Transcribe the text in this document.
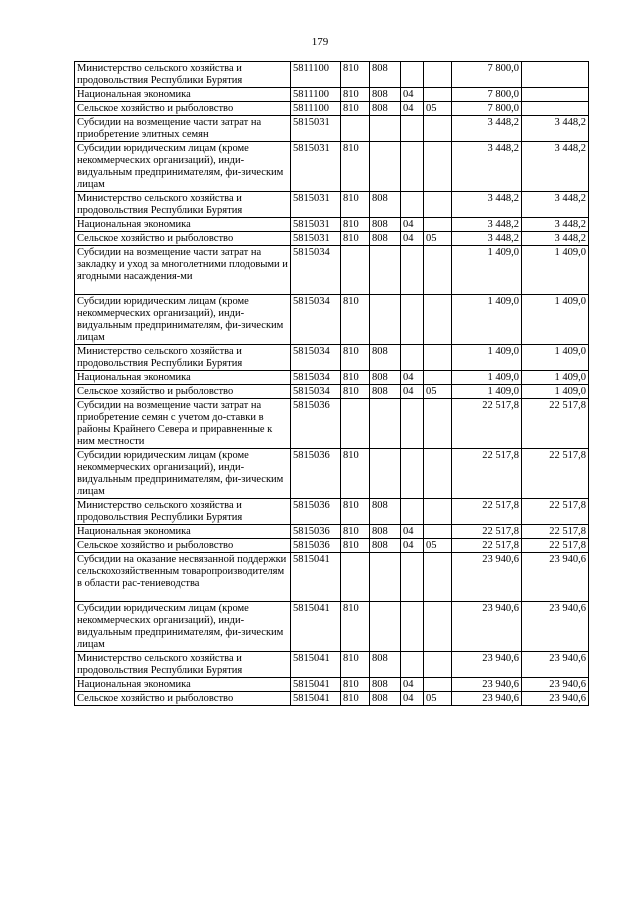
179
Министерство сельского хозяйства и продовольствия Республики Бурятия	5811100	810	808			7 800,0	
Национальная экономика	5811100	810	808	04		7 800,0	
Сельское хозяйство и рыболовство	5811100	810	808	04	05	7 800,0	
Субсидии на возмещение части затрат на приобретение элитных семян	5815031					3 448,2	3 448,2
Субсидии юридическим лицам (кроме некоммерческих организаций), инди-видуальным предпринимателям, фи-зическим лицам	5815031	810				3 448,2	3 448,2
Министерство сельского хозяйства и продовольствия Республики Бурятия	5815031	810	808			3 448,2	3 448,2
Национальная экономика	5815031	810	808	04		3 448,2	3 448,2
Сельское хозяйство и рыболовство	5815031	810	808	04	05	3 448,2	3 448,2
Субсидии на возмещение части затрат на закладку и уход за многолетними плодовыми и ягодными насаждения-ми	5815034					1 409,0	1 409,0
Субсидии юридическим лицам (кроме некоммерческих организаций), инди-видуальным предпринимателям, фи-зическим лицам	5815034	810				1 409,0	1 409,0
Министерство сельского хозяйства и продовольствия Республики Бурятия	5815034	810	808			1 409,0	1 409,0
Национальная экономика	5815034	810	808	04		1 409,0	1 409,0
Сельское хозяйство и рыболовство	5815034	810	808	04	05	1 409,0	1 409,0
Субсидии на возмещение части затрат на приобретение семян с учетом до-ставки в районы Крайнего Севера и приравненные к ним местности	5815036					22 517,8	22 517,8
Субсидии юридическим лицам (кроме некоммерческих организаций), инди-видуальным предпринимателям, фи-зическим лицам	5815036	810				22 517,8	22 517,8
Министерство сельского хозяйства и продовольствия Республики Бурятия	5815036	810	808			22 517,8	22 517,8
Национальная экономика	5815036	810	808	04		22 517,8	22 517,8
Сельское хозяйство и рыболовство	5815036	810	808	04	05	22 517,8	22 517,8
Субсидии на оказание несвязанной поддержки сельскохозяйственным товаропроизводителям в области рас-тениеводства	5815041					23 940,6	23 940,6
Субсидии юридическим лицам (кроме некоммерческих организаций), инди-видуальным предпринимателям, фи-зическим лицам	5815041	810				23 940,6	23 940,6
Министерство сельского хозяйства и продовольствия Республики Бурятия	5815041	810	808			23 940,6	23 940,6
Национальная экономика	5815041	810	808	04		23 940,6	23 940,6
Сельское хозяйство и рыболовство	5815041	810	808	04	05	23 940,6	23 940,6
